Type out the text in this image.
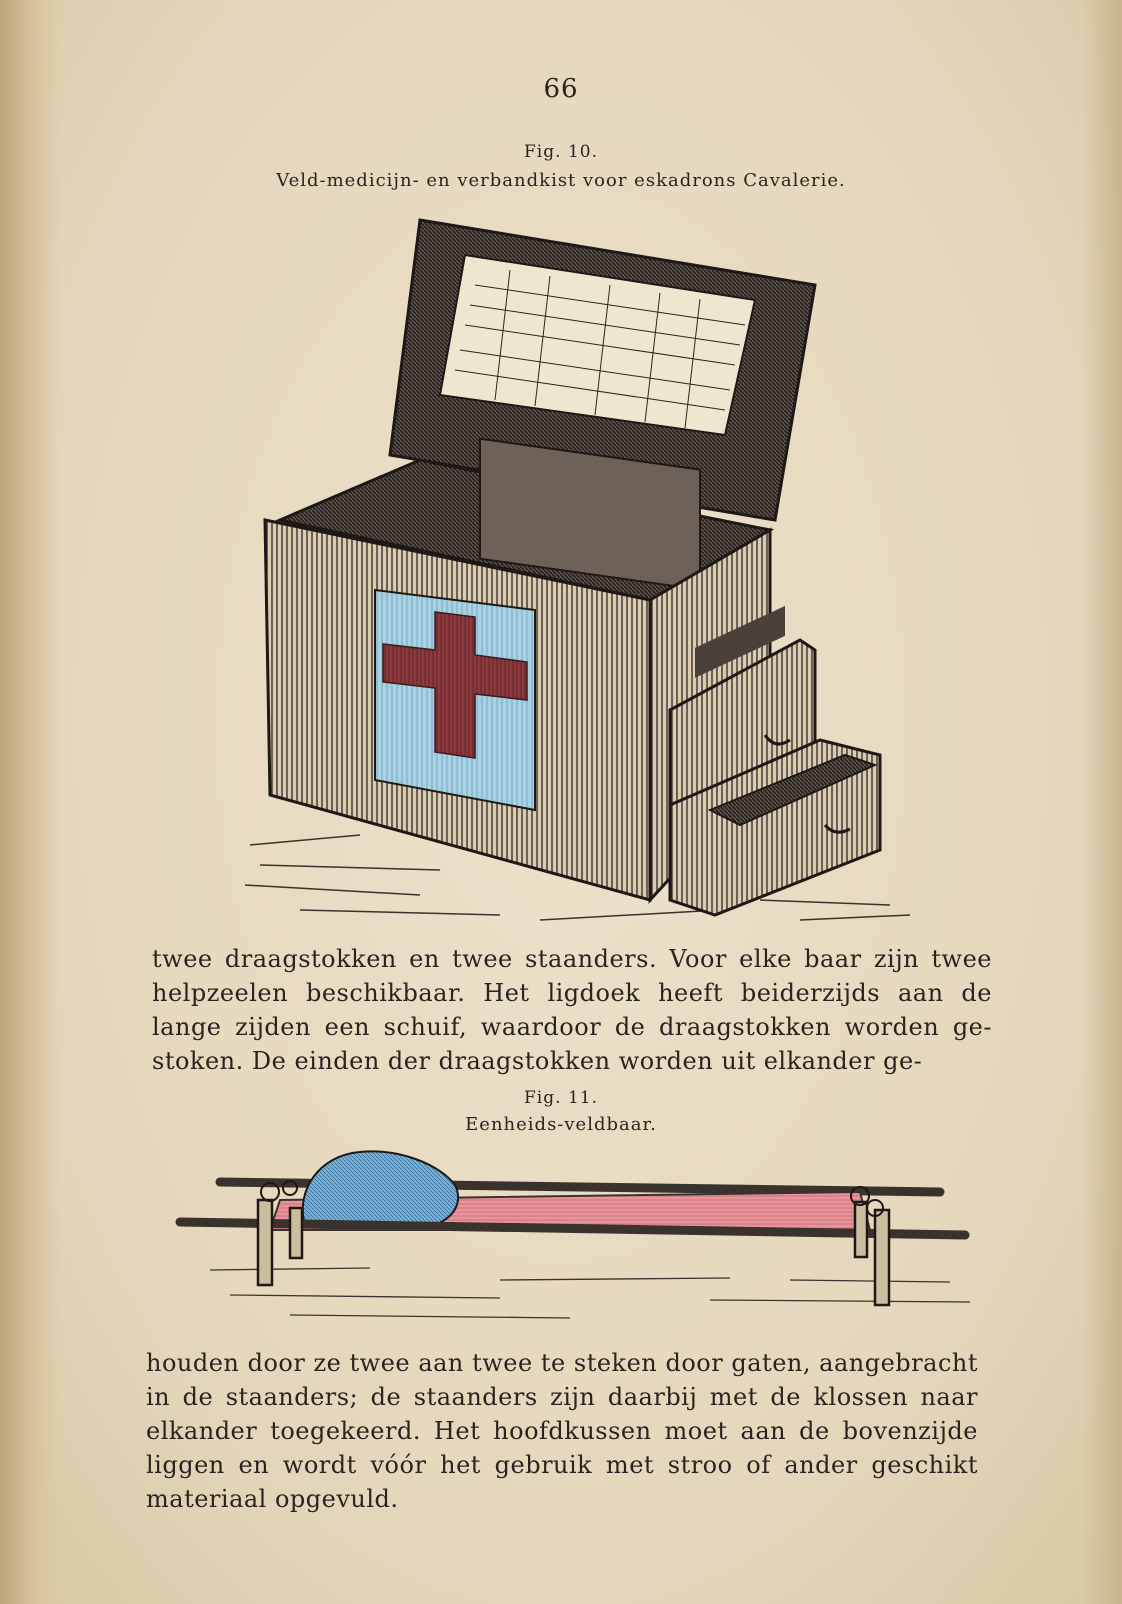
66
Fig. 10.
Veld-medicijn- en verbandkist voor eskadrons Cavalerie.

twee draagstokken en twee staanders. Voor elke baar zijn twee helpzeelen beschikbaar. Het ligdoek heeft beiderzijds aan de lange zijden een schuif, waardoor de draagstokken worden ge-stoken. De einden der draagstokken worden uit elkander ge-

Fig. 11.
Eenheids-veldbaar.

houden door ze twee aan twee te steken door gaten, aangebracht in de staanders; de staanders zijn daarbij met de klossen naar elkander toegekeerd. Het hoofdkussen moet aan de bovenzijde liggen en wordt vóór het gebruik met stroo of ander geschikt materiaal opgevuld.
